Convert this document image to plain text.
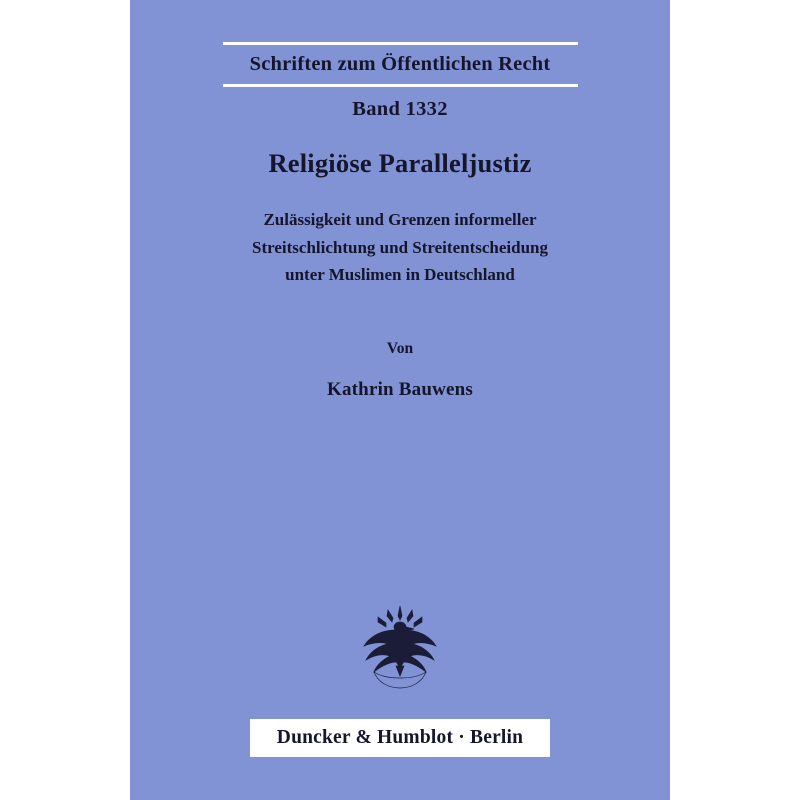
Schriften zum Öffentlichen Recht
Band 1332
Religiöse Paralleljustiz
Zulässigkeit und Grenzen informeller
Streitschlichtung und Streitentscheidung
unter Muslimen in Deutschland
Von
Kathrin Bauwens
Duncker & Humblot · Berlin
